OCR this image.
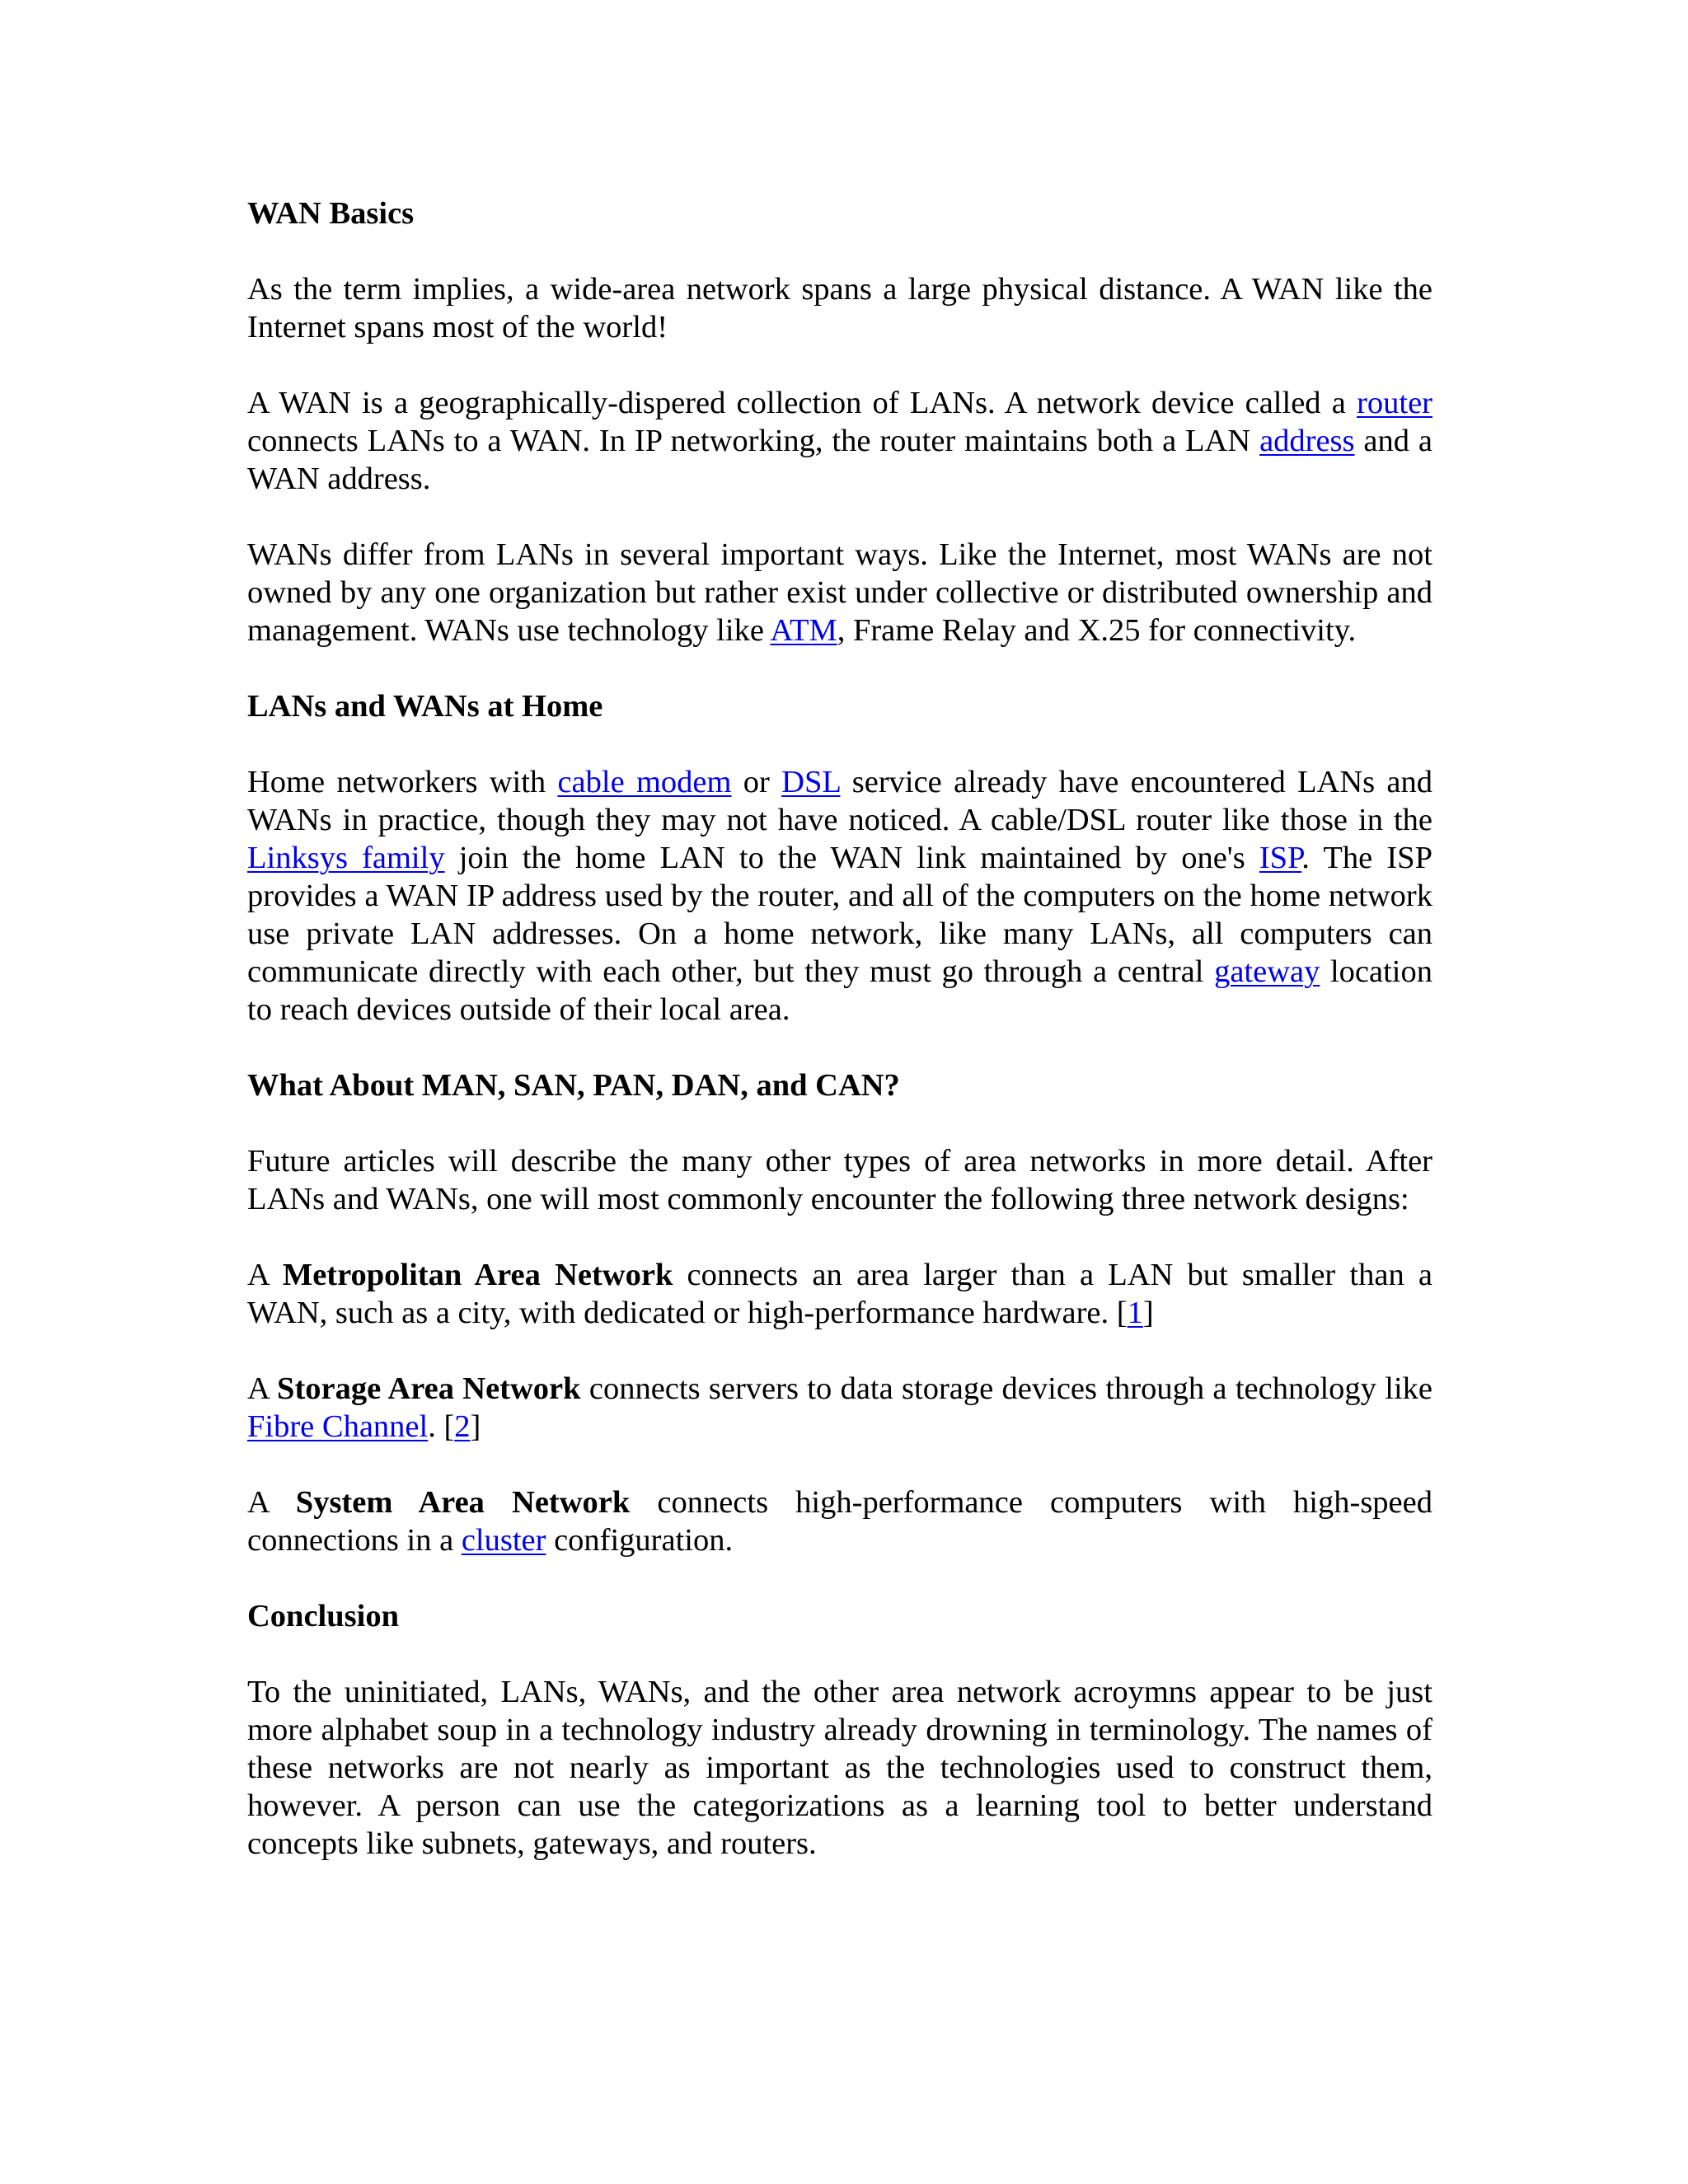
WAN Basics

As the term implies, a wide-area network spans a large physical distance. A WAN like the Internet spans most of the world!

A WAN is a geographically-dispered collection of LANs. A network device called a router connects LANs to a WAN. In IP networking, the router maintains both a LAN address and a WAN address.

WANs differ from LANs in several important ways. Like the Internet, most WANs are not owned by any one organization but rather exist under collective or distributed ownership and management. WANs use technology like ATM, Frame Relay and X.25 for connectivity.

LANs and WANs at Home

Home networkers with cable modem or DSL service already have encountered LANs and WANs in practice, though they may not have noticed. A cable/DSL router like those in the Linksys family join the home LAN to the WAN link maintained by one's ISP. The ISP provides a WAN IP address used by the router, and all of the computers on the home network use private LAN addresses. On a home network, like many LANs, all computers can communicate directly with each other, but they must go through a central gateway location to reach devices outside of their local area.

What About MAN, SAN, PAN, DAN, and CAN?

Future articles will describe the many other types of area networks in more detail. After LANs and WANs, one will most commonly encounter the following three network designs:

A Metropolitan Area Network connects an area larger than a LAN but smaller than a WAN, such as a city, with dedicated or high-performance hardware. [1]

A Storage Area Network connects servers to data storage devices through a technology like Fibre Channel. [2]

A System Area Network connects high-performance computers with high-speed connections in a cluster configuration.

Conclusion

To the uninitiated, LANs, WANs, and the other area network acroymns appear to be just more alphabet soup in a technology industry already drowning in terminology. The names of these networks are not nearly as important as the technologies used to construct them, however. A person can use the categorizations as a learning tool to better understand concepts like subnets, gateways, and routers.
